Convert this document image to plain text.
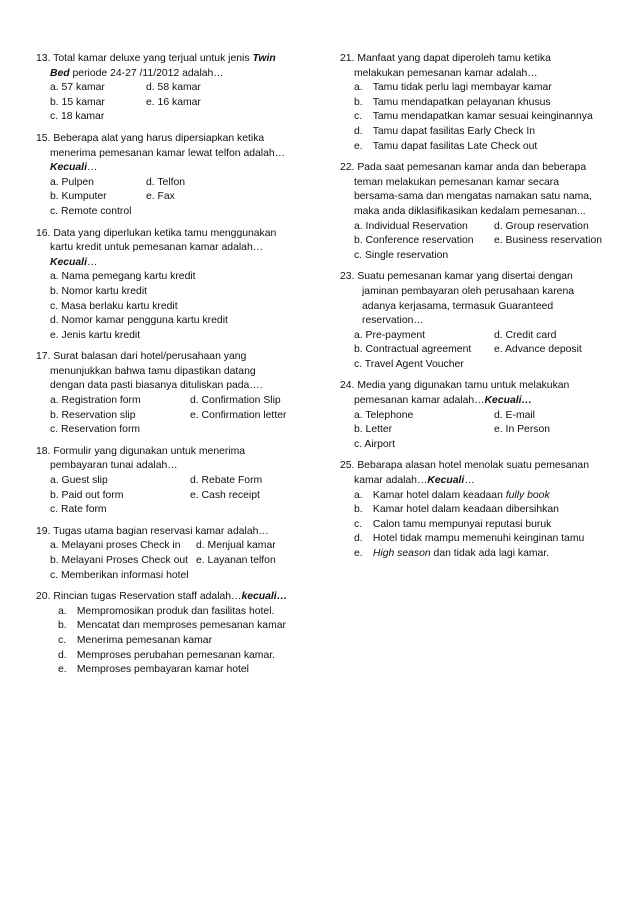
13. Total kamar deluxe yang terjual untuk jenis Twin
Bed periode 24-27 /11/2012 adalah…
a. 57 kamar	d. 58 kamar
b. 15 kamar	e. 16 kamar
c. 18 kamar
15. Beberapa alat yang harus dipersiapkan ketika
menerima pemesanan kamar lewat telfon adalah…
Kecuali…
a. Pulpen	d. Telfon
b. Kumputer	e. Fax
c. Remote control
16. Data yang diperlukan ketika tamu menggunakan
kartu kredit untuk pemesanan kamar adalah…
Kecuali…
a. Nama pemegang kartu kredit
b. Nomor kartu kredit
c. Masa berlaku kartu kredit
d. Nomor kamar pengguna kartu kredit
e. Jenis kartu kredit
17. Surat balasan dari hotel/perusahaan yang
menunjukkan bahwa tamu dipastikan datang
dengan data pasti biasanya dituliskan pada….
a. Registration form	d. Confirmation Slip
b. Reservation slip	e. Confirmation letter
c. Reservation form
18. Formulir yang digunakan untuk menerima
pembayaran tunai adalah…
a. Guest slip	d. Rebate Form
b. Paid out form	e. Cash receipt
c. Rate form
19. Tugas utama bagian reservasi kamar adalah…
a. Melayani proses Check in	d. Menjual kamar
b. Melayani Proses Check out e. Layanan telfon
c. Memberikan informasi hotel
20. Rincian tugas Reservation staff adalah…kecuali…
a. Mempromosikan produk dan fasilitas hotel.
b. Mencatat dan memproses pemesanan kamar
c. Menerima pemesanan kamar
d. Memproses perubahan pemesanan kamar.
e. Memproses pembayaran kamar hotel
21. Manfaat yang dapat diperoleh tamu ketika
melakukan pemesanan kamar adalah…
a. Tamu tidak perlu lagi membayar kamar
b. Tamu mendapatkan pelayanan khusus
c. Tamu mendapatkan kamar sesuai keinginannya
d. Tamu dapat fasilitas Early Check In
e. Tamu dapat fasilitas Late Check out
22. Pada saat pemesanan kamar anda dan beberapa
teman melakukan pemesanan kamar secara
bersama-sama dan mengatas namakan satu nama,
maka anda diklasifikasikan kedalam pemesanan...
a. Individual Reservation	d. Group reservation
b. Conference reservation	e. Business reservation
c. Single reservation
23. Suatu pemesanan kamar yang disertai dengan
jaminan pembayaran oleh perusahaan karena
adanya kerjasama, termasuk Guaranteed
reservation…
a. Pre-payment	d. Credit card
b. Contractual agreement	e. Advance deposit
c. Travel Agent Voucher
24. Media yang digunakan tamu untuk melakukan
pemesanan kamar adalah…Kecuali…
a. Telephone	d. E-mail
b. Letter	e. In Person
c. Airport
25. Bebarapa alasan hotel menolak suatu pemesanan
kamar adalah…Kecuali…
a. Kamar hotel dalam keadaan fully book
b. Kamar hotel dalam keadaan dibersihkan
c. Calon tamu mempunyai reputasi buruk
d. Hotel tidak mampu memenuhi keinginan tamu
e. High season dan tidak ada lagi kamar.
